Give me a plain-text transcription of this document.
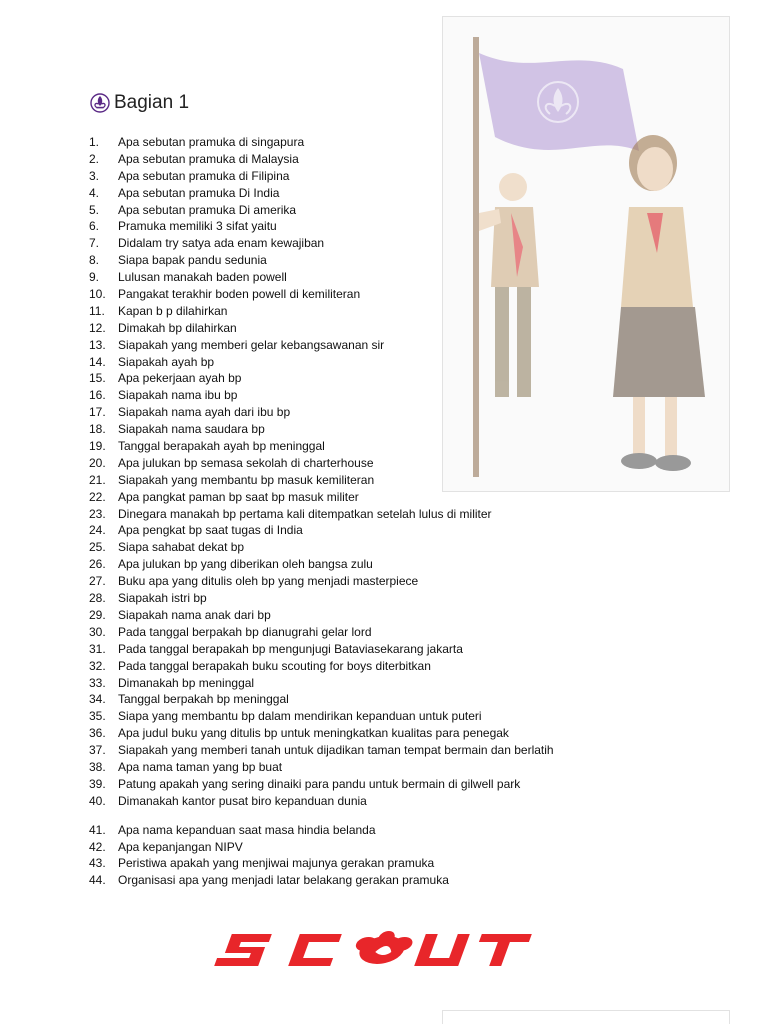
Bagian 1
1. Apa sebutan pramuka di singapura
2. Apa sebutan pramuka di Malaysia
3. Apa sebutan pramuka di Filipina
4. Apa sebutan pramuka Di India
5. Apa sebutan pramuka Di amerika
6. Pramuka memiliki 3 sifat yaitu
7. Didalam try satya ada enam kewajiban
8. Siapa bapak pandu sedunia
9. Lulusan manakah baden powell
10. Pangakat terakhir boden powell di kemiliteran
11. Kapan b p dilahirkan
12. Dimakah bp dilahirkan
13. Siapakah yang memberi gelar kebangsawanan sir
14. Siapakah ayah bp
15. Apa pekerjaan ayah bp
16. Siapakah nama ibu bp
17. Siapakah nama ayah dari ibu bp
18. Siapakah nama saudara bp
19. Tanggal berapakah ayah bp meninggal
20. Apa julukan bp semasa sekolah di charterhouse
21. Siapakah yang membantu bp masuk kemiliteran
22. Apa pangkat paman bp saat bp masuk militer
23. Dinegara manakah bp pertama kali ditempatkan setelah lulus di militer
24. Apa pengkat bp saat tugas di India
25. Siapa sahabat dekat bp
26. Apa julukan bp yang diberikan oleh bangsa zulu
27. Buku apa yang ditulis oleh bp yang menjadi masterpiece
28. Siapakah istri bp
29. Siapakah nama anak dari bp
30. Pada tanggal berpakah bp dianugrahi gelar lord
31. Pada tanggal berapakah bp mengunjugi Bataviasekarang jakarta
32. Pada tanggal berapakah buku scouting for boys diterbitkan
33. Dimanakah bp meninggal
34. Tanggal berpakah bp meninggal
35. Siapa yang membantu bp dalam mendirikan kepanduan untuk puteri
36. Apa judul buku yang ditulis bp untuk meningkatkan kualitas para penegak
37. Siapakah yang memberi tanah untuk dijadikan taman tempat bermain dan berlatih
38. Apa nama taman yang bp buat
39. Patung apakah yang sering dinaiki para pandu untuk bermain di gilwell park
40. Dimanakah kantor pusat biro kepanduan dunia
41. Apa nama kepanduan saat masa hindia belanda
42. Apa kepanjangan NIPV
43. Peristiwa apakah yang menjiwai majunya gerakan pramuka
44. Organisasi apa yang menjadi latar belakang gerakan pramuka
